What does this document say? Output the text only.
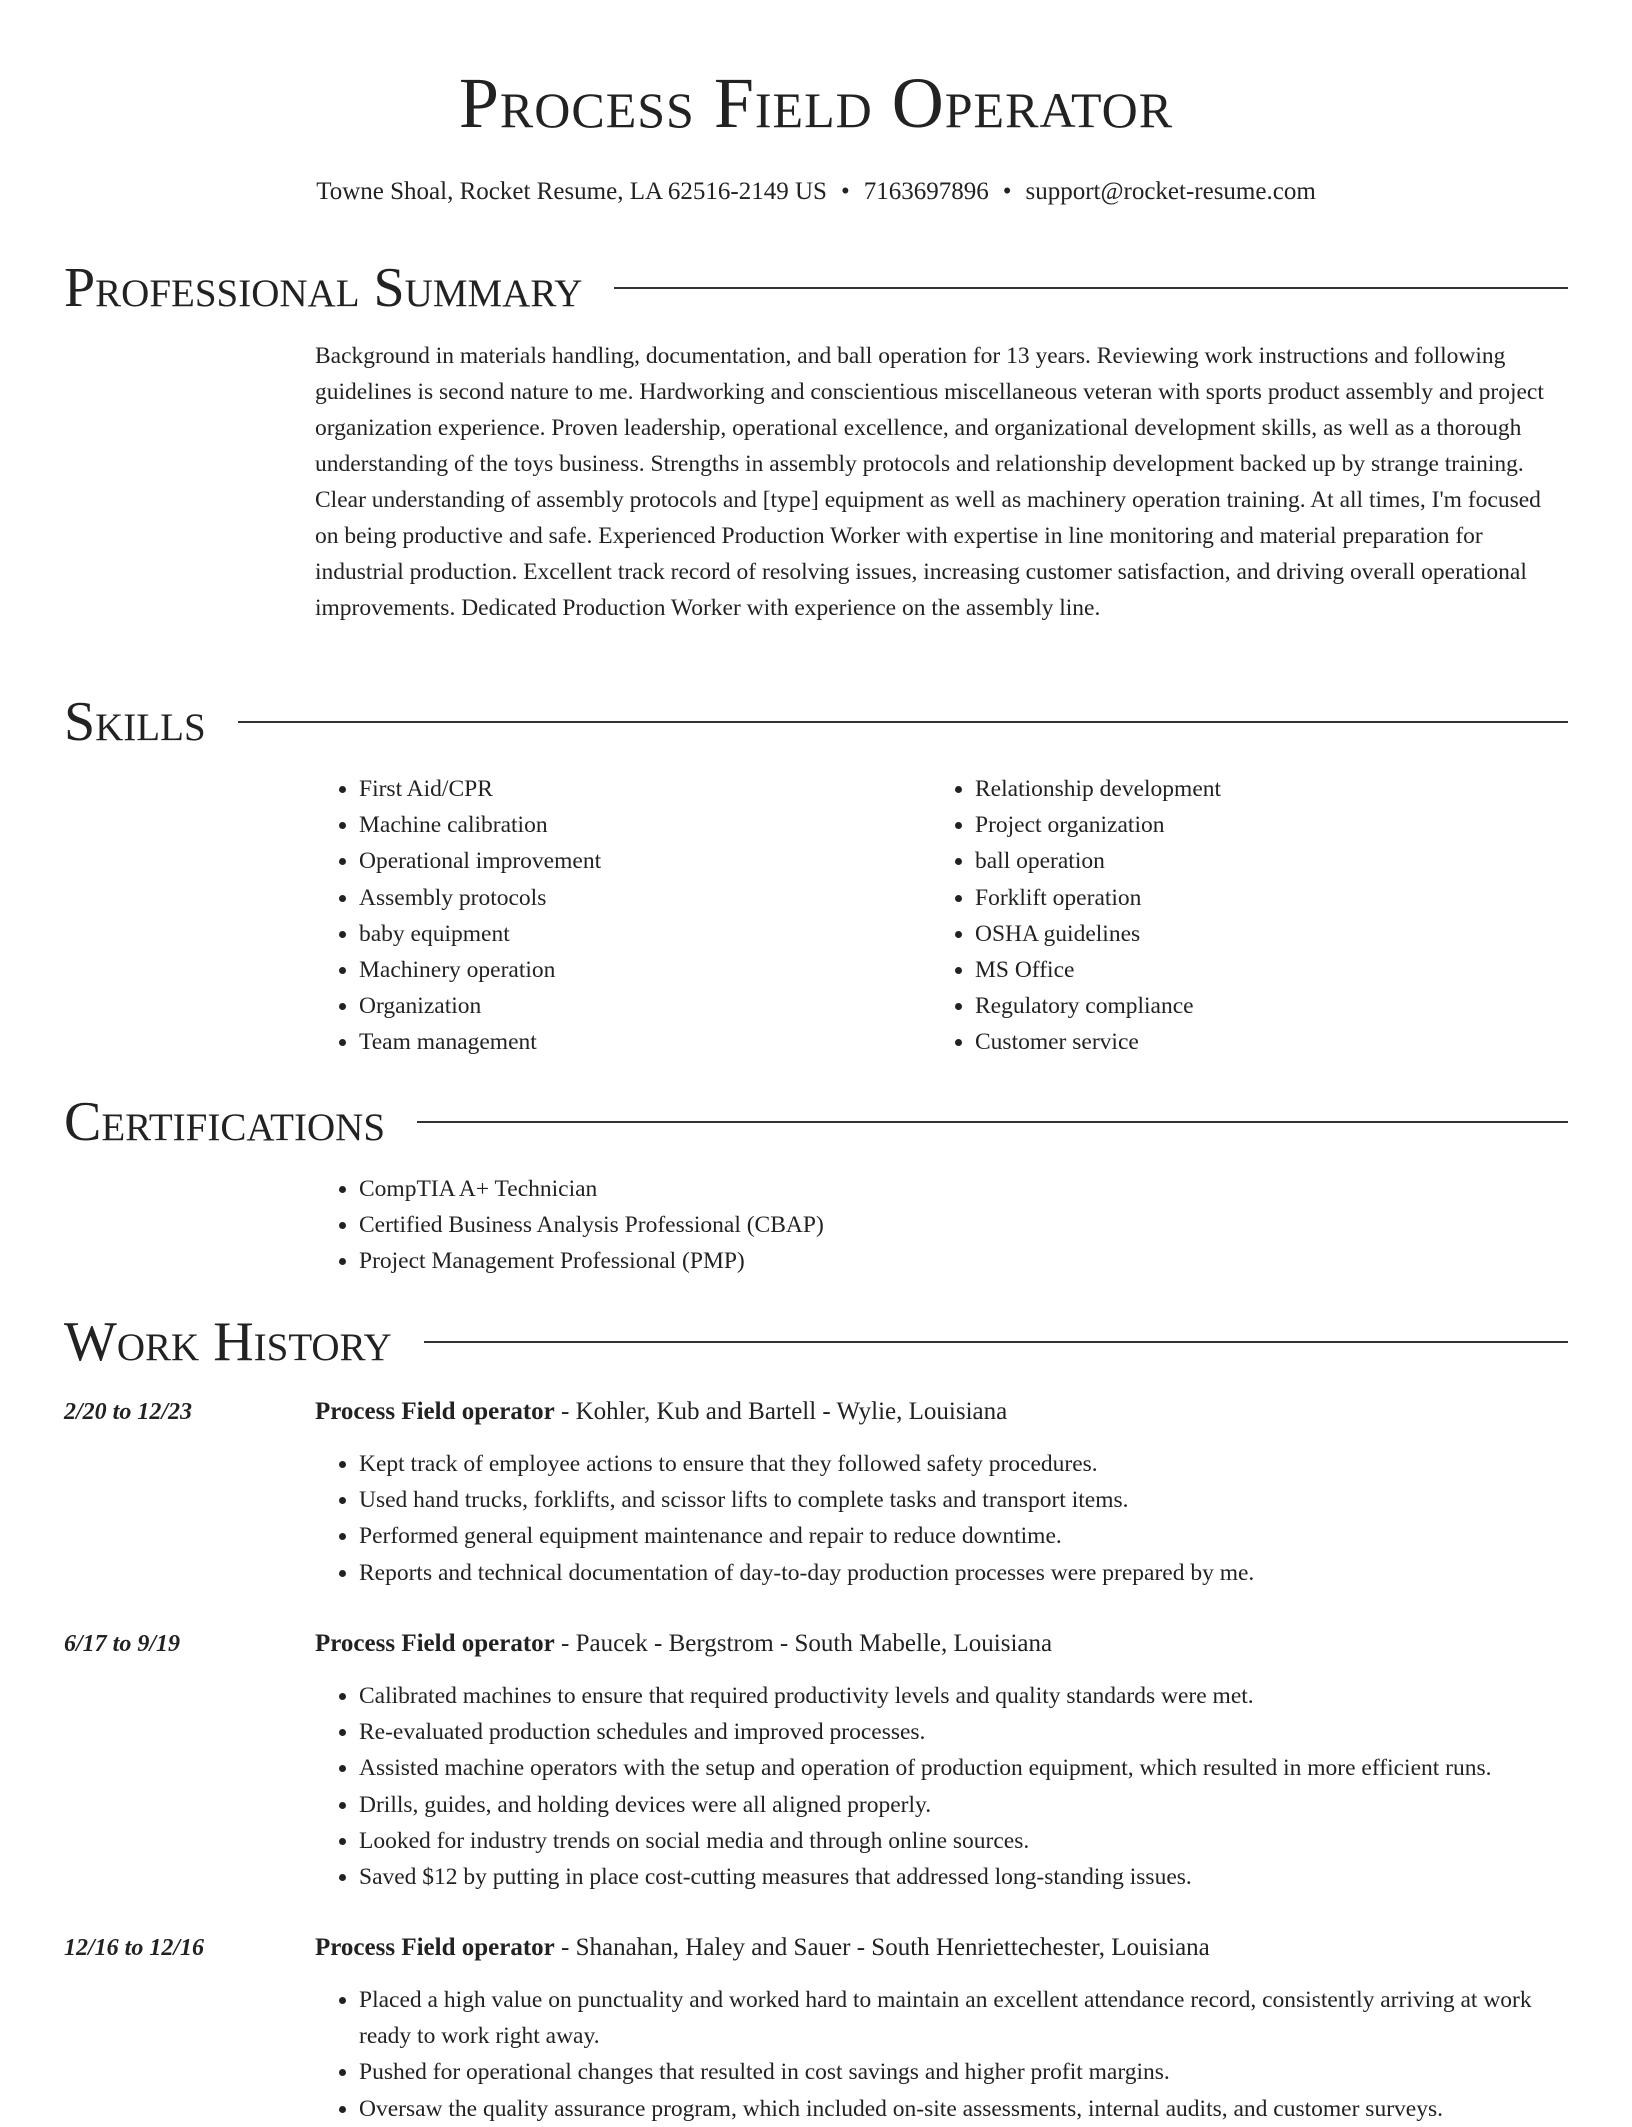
Process Field Operator
Towne Shoal, Rocket Resume, LA 62516-2149 US • 7163697896 • support@rocket-resume.com
Professional Summary

Background in materials handling, documentation, and ball operation for 13 years. Reviewing work instructions and following guidelines is second nature to me. Hardworking and conscientious miscellaneous veteran with sports product assembly and project organization experience. Proven leadership, operational excellence, and organizational development skills, as well as a thorough understanding of the toys business. Strengths in assembly protocols and relationship development backed up by strange training. Clear understanding of assembly protocols and [type] equipment as well as machinery operation training. At all times, I'm focused on being productive and safe. Experienced Production Worker with expertise in line monitoring and material preparation for industrial production. Excellent track record of resolving issues, increasing customer satisfaction, and driving overall operational improvements. Dedicated Production Worker with experience on the assembly line.

Skills
• First Aid/CPR
• Machine calibration
• Operational improvement
• Assembly protocols
• baby equipment
• Machinery operation
• Organization
• Team management
• Relationship development
• Project organization
• ball operation
• Forklift operation
• OSHA guidelines
• MS Office
• Regulatory compliance
• Customer service
Certifications
• CompTIA A+ Technician
• Certified Business Analysis Professional (CBAP)
• Project Management Professional (PMP)
Work History
2/20 to 12/23	Process Field operator - Kohler, Kub and Bartell - Wylie, Louisiana
• Kept track of employee actions to ensure that they followed safety procedures.
• Used hand trucks, forklifts, and scissor lifts to complete tasks and transport items.
• Performed general equipment maintenance and repair to reduce downtime.
• Reports and technical documentation of day-to-day production processes were prepared by me.
6/17 to 9/19	Process Field operator - Paucek - Bergstrom - South Mabelle, Louisiana
• Calibrated machines to ensure that required productivity levels and quality standards were met.
• Re-evaluated production schedules and improved processes.
• Assisted machine operators with the setup and operation of production equipment, which resulted in more efficient runs.
• Drills, guides, and holding devices were all aligned properly.
• Looked for industry trends on social media and through online sources.
• Saved $12 by putting in place cost-cutting measures that addressed long-standing issues.
12/16 to 12/16	Process Field operator - Shanahan, Haley and Sauer - South Henriettechester, Louisiana
• Placed a high value on punctuality and worked hard to maintain an excellent attendance record, consistently arriving at work ready to work right away.
• Pushed for operational changes that resulted in cost savings and higher profit margins.
• Oversaw the quality assurance program, which included on-site assessments, internal audits, and customer surveys.
